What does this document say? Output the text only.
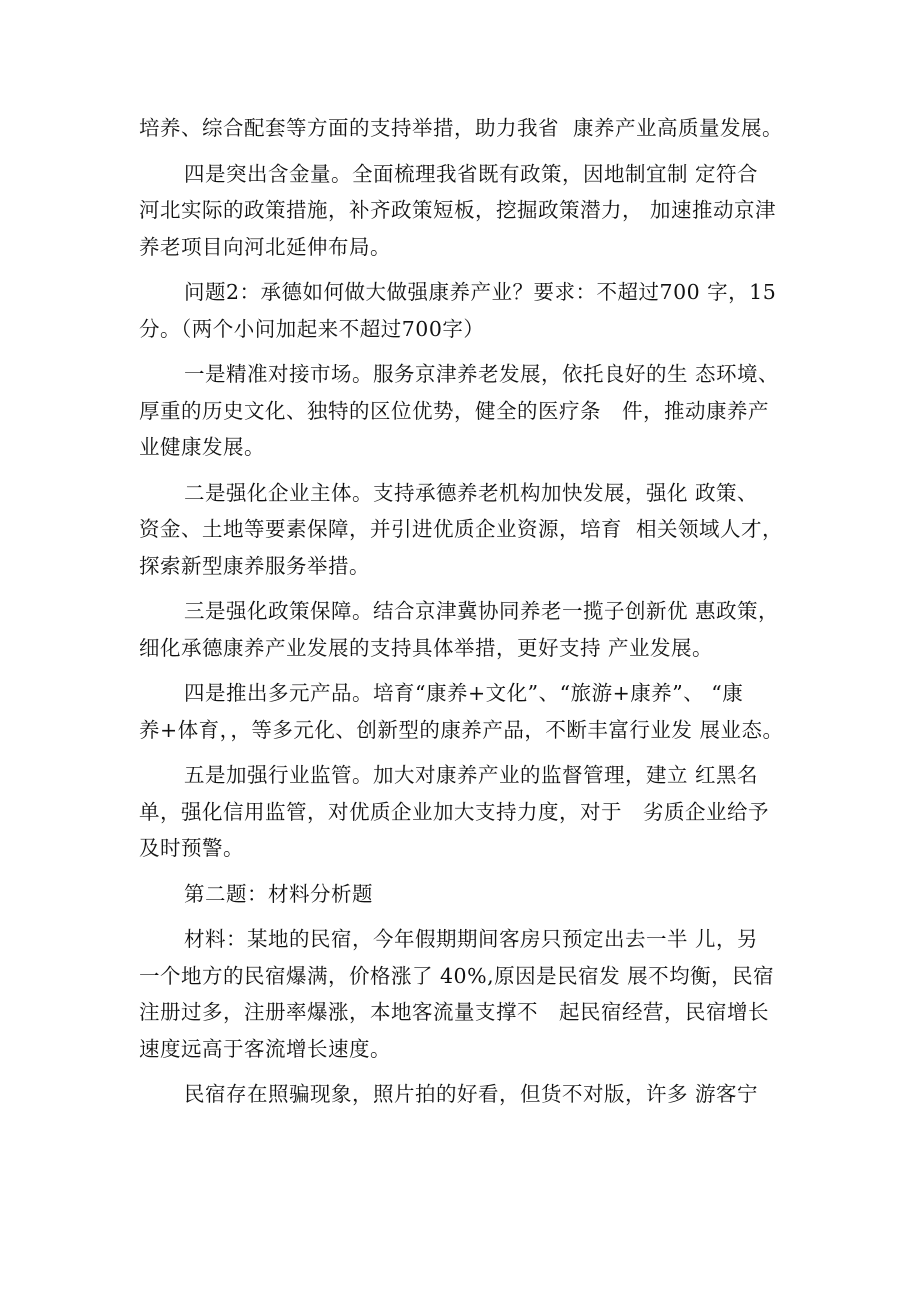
培养、综合配套等方面的支持举措，助力我省  康养产业高质量发展。
四是突出含金量。全面梳理我省既有政策，因地制宜制 定符合
河北实际的政策措施，补齐政策短板，挖掘政策潜力， 加速推动京津
养老项目向河北延伸布局。
问题2：承德如何做大做强康养产业？要求：不超过700 字，15
分。（两个小问加起来不超过700字）
一是精准对接市场。服务京津养老发展，依托良好的生 态环境、
厚重的历史文化、独特的区位优势，健全的医疗条   件，推动康养产
业健康发展。
二是强化企业主体。支持承德养老机构加快发展，强化 政策、
资金、土地等要素保障，并引进优质企业资源，培育  相关领域人才，
探索新型康养服务举措。
三是强化政策保障。结合京津冀协同养老一揽子创新优 惠政策，
细化承德康养产业发展的支持具体举措，更好支持 产业发展。
四是推出多元产品。培育“康养+文化”、“旅游+康养”、 “康
养+体育，，等多元化、创新型的康养产品，不断丰富行业发 展业态。
五是加强行业监管。加大对康养产业的监督管理，建立 红黑名
单，强化信用监管，对优质企业加大支持力度，对于   劣质企业给予
及时预警。
第二题：材料分析题
材料：某地的民宿，今年假期期间客房只预定出去一半 儿，另
一个地方的民宿爆满，价格涨了 40%,原因是民宿发 展不均衡，民宿
注册过多，注册率爆涨，本地客流量支撑不   起民宿经营，民宿增长
速度远高于客流增长速度。
民宿存在照骗现象，照片拍的好看，但货不对版，许多 游客宁
